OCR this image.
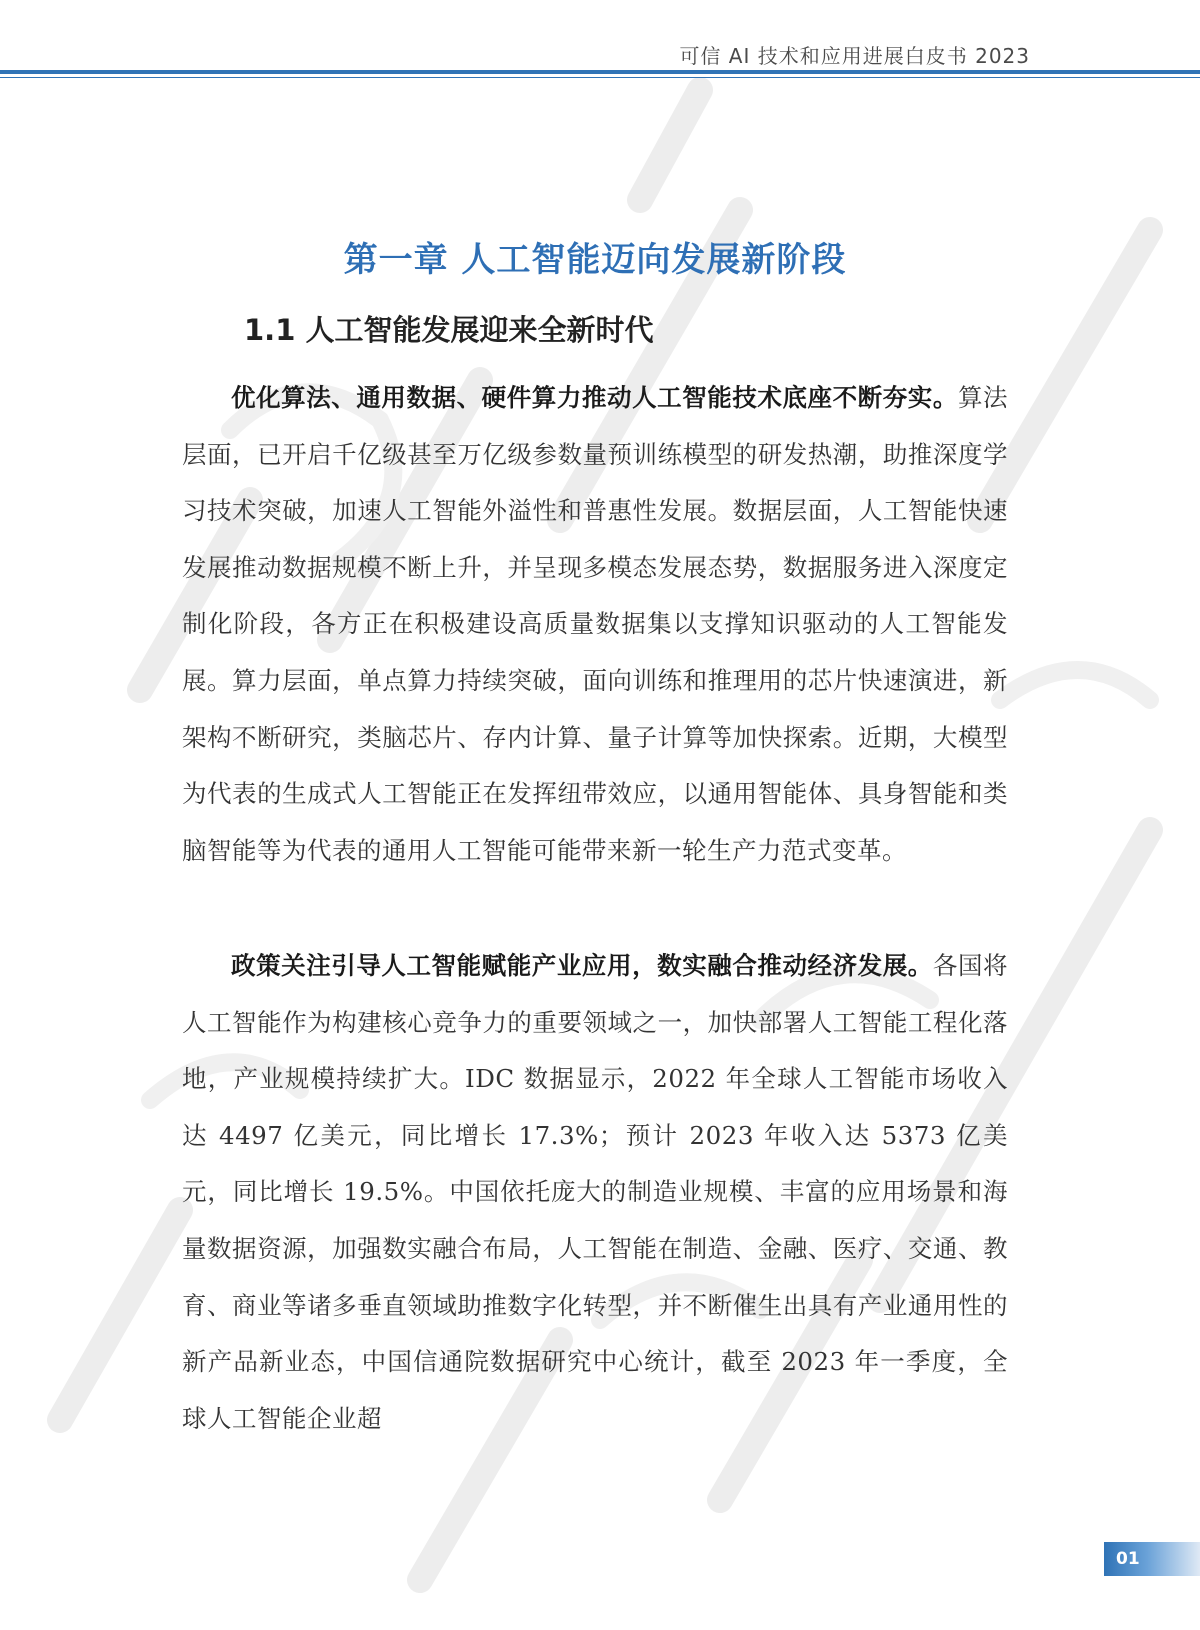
可信 AI 技术和应用进展白皮书 2023
第一章 人工智能迈向发展新阶段
1.1 人工智能发展迎来全新时代

优化算法、通用数据、硬件算力推动人工智能技术底座不断夯实。算法层面，已开启千亿级甚至万亿级参数量预训练模型的研发热潮，助推深度学习技术突破，加速人工智能外溢性和普惠性发展。数据层面，人工智能快速发展推动数据规模不断上升，并呈现多模态发展态势，数据服务进入深度定制化阶段，各方正在积极建设高质量数据集以支撑知识驱动的人工智能发展。算力层面，单点算力持续突破，面向训练和推理用的芯片快速演进，新架构不断研究，类脑芯片、存内计算、量子计算等加快探索。近期，大模型为代表的生成式人工智能正在发挥纽带效应，以通用智能体、具身智能和类脑智能等为代表的通用人工智能可能带来新一轮生产力范式变革。

政策关注引导人工智能赋能产业应用，数实融合推动经济发展。各国将人工智能作为构建核心竞争力的重要领域之一，加快部署人工智能工程化落地，产业规模持续扩大。IDC 数据显示，2022 年全球人工智能市场收入达 4497 亿美元，同比增长 17.3%；预计 2023 年收入达 5373 亿美元，同比增长 19.5%。中国依托庞大的制造业规模、丰富的应用场景和海量数据资源，加强数实融合布局，人工智能在制造、金融、医疗、交通、教育、商业等诸多垂直领域助推数字化转型，并不断催生出具有产业通用性的新产品新业态，中国信通院数据研究中心统计，截至 2023 年一季度，全球人工智能企业超

01
